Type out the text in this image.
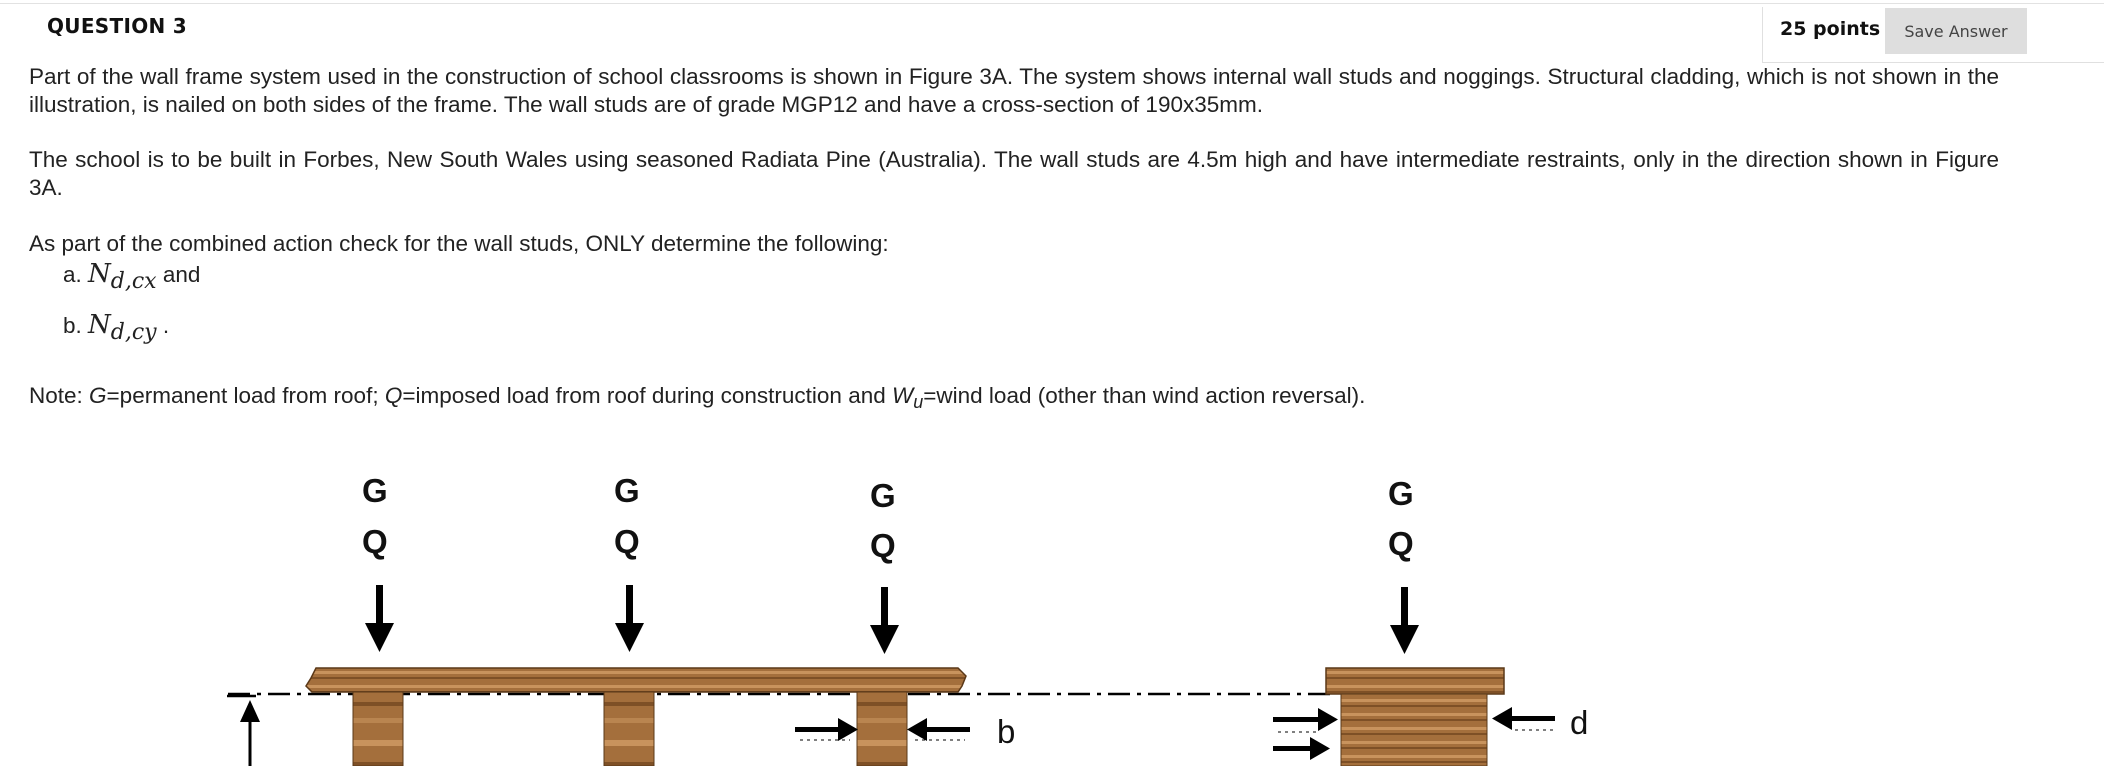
QUESTION 3	25 points	Save Answer
Part of the wall frame system used in the construction of school classrooms is shown in Figure 3A. The system shows internal wall studs and noggings. Structural cladding, which is not shown in the illustration, is nailed on both sides of the frame. The wall studs are of grade MGP12 and have a cross-section of 190x35mm.
The school is to be built in Forbes, New South Wales using seasoned Radiata Pine (Australia). The wall studs are 4.5m high and have intermediate restraints, only in the direction shown in Figure 3A.
As part of the combined action check for the wall studs, ONLY determine the following:
a. $N_{d,cx}$ and
b. $N_{d,cy}$ .
Note: G=permanent load from roof; Q=imposed load from roof during construction and $W_u=wind$ load (other than wind action reversal).
G
Q
G
Q
G
Q
G
Q
b	d
